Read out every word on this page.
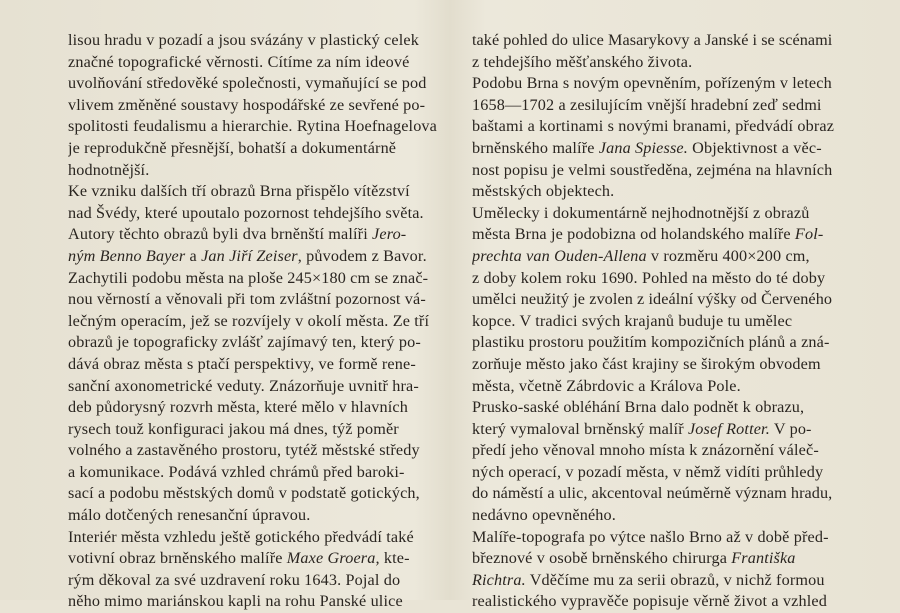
lisou hradu v pozadí a jsou svázány v plastický celek
značné topografické věrnosti. Cítíme za ním ideové
uvolňování středověké společnosti, vymaňující se pod
vlivem změněné soustavy hospodářské ze sevřené po-
spolitosti feudalismu a hierarchie. Rytina Hoefnagelova
je reprodukčně přesnější, bohatší a dokumentárně
hodnotnější.
Ke vzniku dalších tří obrazů Brna přispělo vítězství
nad Švédy, které upoutalo pozornost tehdejšího světa.
Autory těchto obrazů byli dva brněnští malíři Jero-
ným Benno Bayer a Jan Jiří Zeiser, původem z Bavor.
Zachytili podobu města na ploše 245×180 cm se znač-
nou věrností a věnovali při tom zvláštní pozornost vá-
lečným operacím, jež se rozvíjely v okolí města. Ze tří
obrazů je topograficky zvlášť zajímavý ten, který po-
dává obraz města s ptačí perspektivy, ve formě rene-
sanční axonometrické veduty. Znázorňuje uvnitř hra-
deb půdorysný rozvrh města, které mělo v hlavních
rysech touž konfiguraci jakou má dnes, týž poměr
volného a zastavěného prostoru, tytéž městské středy
a komunikace. Podává vzhled chrámů před baroki-
sací a podobu městských domů v podstatě gotických,
málo dotčených renesanční úpravou.
Interiér města vzhledu ještě gotického předvádí také
votivní obraz brněnského malíře Maxe Groera, kte-
rým děkoval za své uzdravení roku 1643. Pojal do
něho mimo mariánskou kapli na rohu Panské ulice
také pohled do ulice Masarykovy a Janské i se scénami
z tehdejšího měšťanského života.
Podobu Brna s novým opevněním, pořízeným v letech
1658—1702 a zesilujícím vnější hradební zeď sedmi
baštami a kortinami s novými branami, předvádí obraz
brněnského malíře Jana Spiesse. Objektivnost a věc-
nost popisu je velmi soustředěna, zejména na hlavních
městských objektech.
Umělecky i dokumentárně nejhodnotnější z obrazů
města Brna je podobizna od holandského malíře Fol-
prechta van Ouden-Allena v rozměru 400×200 cm,
z doby kolem roku 1690. Pohled na město do té doby
umělci neužitý je zvolen z ideální výšky od Červeného
kopce. V tradici svých krajanů buduje tu umělec
plastiku prostoru použitím kompozičních plánů a zná-
zorňuje město jako část krajiny se širokým obvodem
města, včetně Zábrdovic a Králova Pole.
Prusko-saské obléhání Brna dalo podnět k obrazu,
který vymaloval brněnský malíř Josef Rotter. V po-
předí jeho věnoval mnoho místa k znázornění váleč-
ných operací, v pozadí města, v němž vidíti průhledy
do náměstí a ulic, akcentoval neúměrně význam hradu,
nedávno opevněného.
Malíře-topografa po výtce našlo Brno až v době před-
březnové v osobě brněnského chirurga Františka
Richtra. Vděčíme mu za serii obrazů, v nichž formou
realistického vypravěče popisuje věrně život a vzhled
